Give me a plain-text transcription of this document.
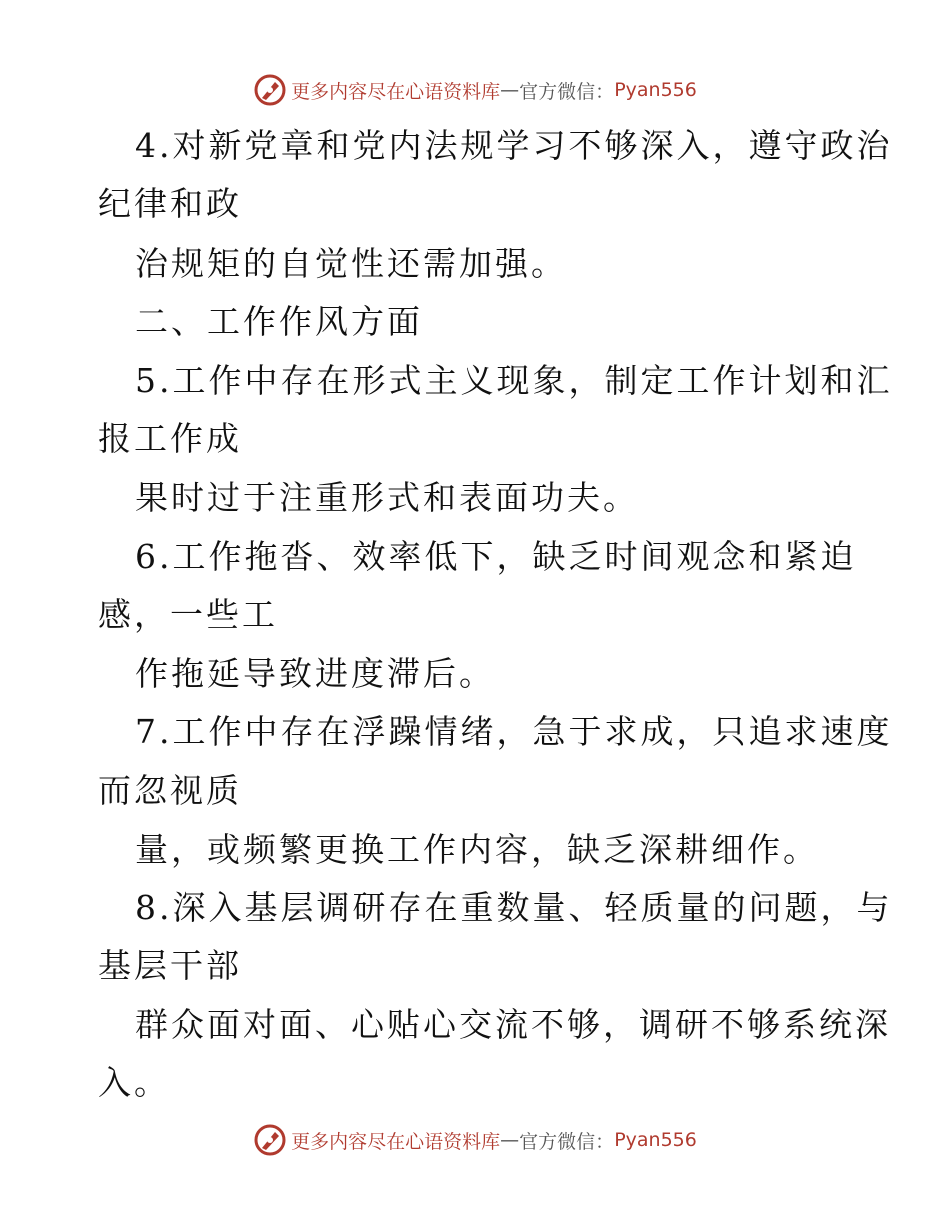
更多内容尽在心语资料库 — 官方微信： Pyan556
4.对新党章和党内法规学习不够深入，遵守政治
纪律和政
治规矩的自觉性还需加强。
二、工作作风方面
5.工作中存在形式主义现象，制定工作计划和汇
报工作成
果时过于注重形式和表面功夫。
6.工作拖沓、效率低下，缺乏时间观念和紧迫
感，一些工
作拖延导致进度滞后。
7.工作中存在浮躁情绪，急于求成，只追求速度
而忽视质
量，或频繁更换工作内容，缺乏深耕细作。
8.深入基层调研存在重数量、轻质量的问题，与
基层干部
群众面对面、心贴心交流不够，调研不够系统深
入。
更多内容尽在心语资料库 — 官方微信： Pyan556
